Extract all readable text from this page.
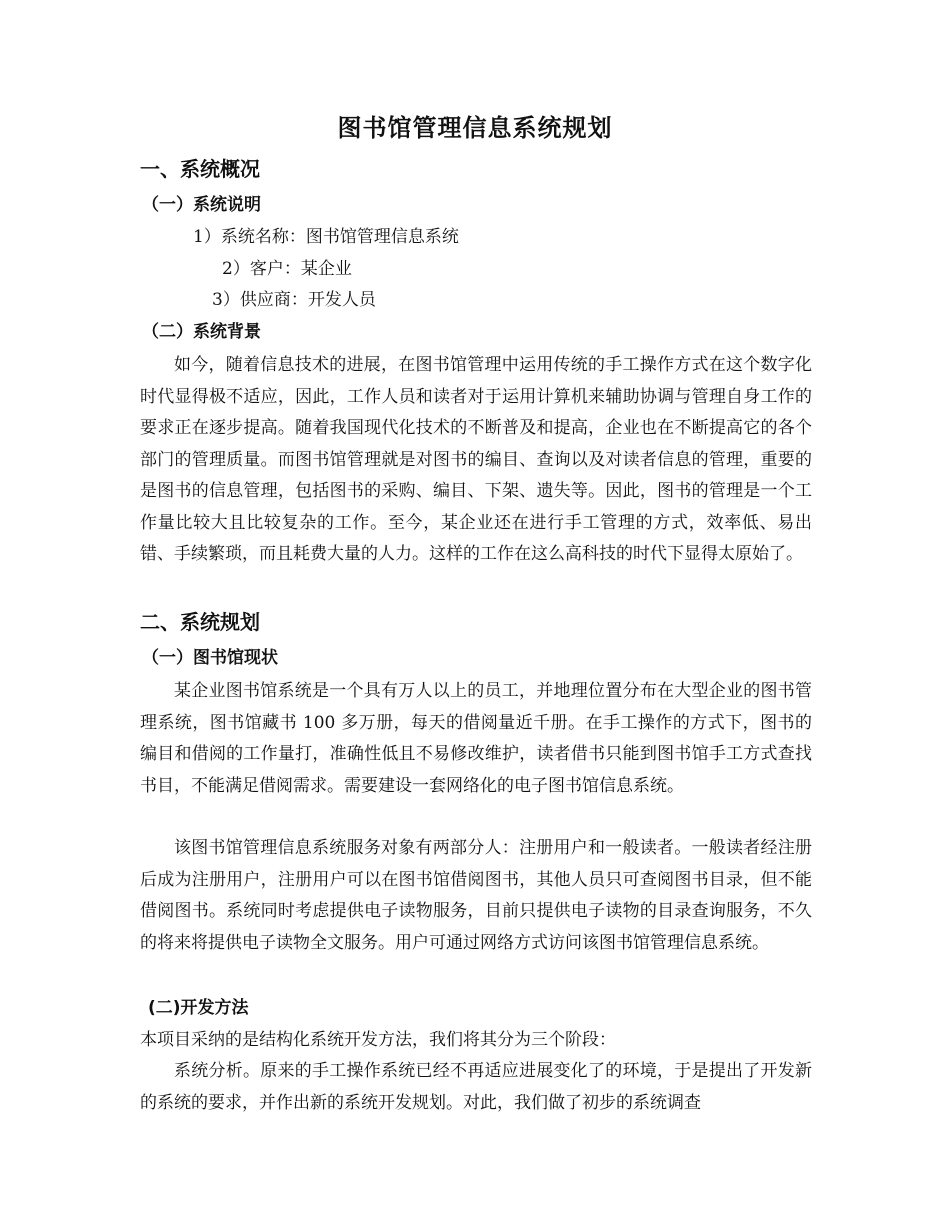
图书馆管理信息系统规划
一、系统概况
（一）系统说明
1）系统名称：图书馆管理信息系统
2）客户：某企业
3）供应商：开发人员
（二）系统背景

如今，随着信息技术的进展，在图书馆管理中运用传统的手工操作方式在这个数字化时代显得极不适应，因此，工作人员和读者对于运用计算机来辅助协调与管理自身工作的要求正在逐步提高。随着我国现代化技术的不断普及和提高，企业也在不断提高它的各个部门的管理质量。而图书馆管理就是对图书的编目、查询以及对读者信息的管理，重要的是图书的信息管理，包括图书的采购、编目、下架、遗失等。因此，图书的管理是一个工作量比较大且比较复杂的工作。至今，某企业还在进行手工管理的方式，效率低、易出错、手续繁琐，而且耗费大量的人力。这样的工作在这么高科技的时代下显得太原始了。

二、系统规划
（一）图书馆现状

某企业图书馆系统是一个具有万人以上的员工，并地理位置分布在大型企业的图书管理系统，图书馆藏书 100 多万册，每天的借阅量近千册。在手工操作的方式下，图书的编目和借阅的工作量打，准确性低且不易修改维护，读者借书只能到图书馆手工方式查找书目，不能满足借阅需求。需要建设一套网络化的电子图书馆信息系统。

该图书馆管理信息系统服务对象有两部分人：注册用户和一般读者。一般读者经注册后成为注册用户，注册用户可以在图书馆借阅图书，其他人员只可查阅图书目录，但不能借阅图书。系统同时考虑提供电子读物服务，目前只提供电子读物的目录查询服务，不久的将来将提供电子读物全文服务。用户可通过网络方式访问该图书馆管理信息系统。

(二)开发方法

本项目采纳的是结构化系统开发方法，我们将其分为三个阶段：

系统分析。原来的手工操作系统已经不再适应进展变化了的环境，于是提出了开发新的系统的要求，并作出新的系统开发规划。对此，我们做了初步的系统调查
